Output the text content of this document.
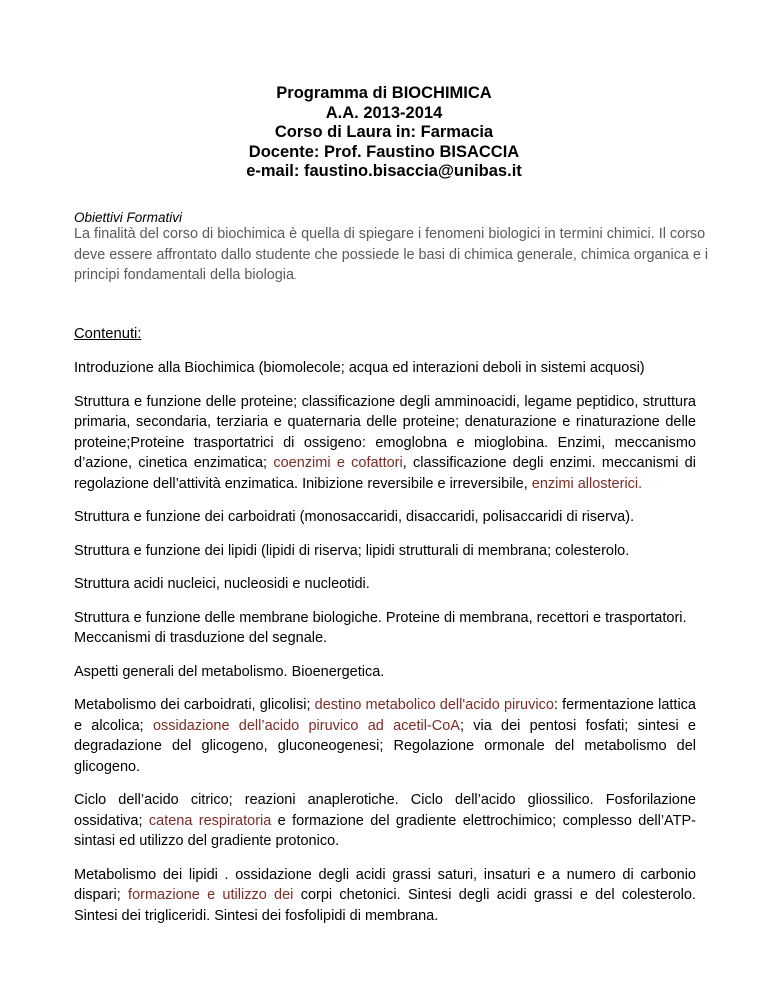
Programma di BIOCHIMICA
A.A. 2013-2014
Corso di Laura in: Farmacia
Docente: Prof. Faustino BISACCIA
e-mail: faustino.bisaccia@unibas.it
Obiettivi Formativi
La finalità del corso di biochimica è quella di spiegare i fenomeni biologici in termini chimici. Il corso deve essere affrontato dallo studente che possiede le basi di chimica generale, chimica organica e i principi fondamentali della biologia.
Contenuti:

Introduzione alla Biochimica (biomolecole; acqua ed interazioni deboli in sistemi acquosi)

Struttura e funzione delle proteine; classificazione degli amminoacidi, legame peptidico, struttura primaria, secondaria, terziaria e quaternaria delle proteine; denaturazione e rinaturazione delle proteine;Proteine trasportatrici di ossigeno: emoglobna e mioglobina. Enzimi, meccanismo d’azione, cinetica enzimatica; coenzimi e cofattori, classificazione degli enzimi. meccanismi di regolazione dell’attività enzimatica. Inibizione reversibile e irreversibile, enzimi allosterici.

Struttura e funzione dei carboidrati (monosaccaridi, disaccaridi, polisaccaridi di riserva).

Struttura e funzione dei lipidi (lipidi di riserva; lipidi strutturali di membrana; colesterolo.

Struttura acidi nucleici, nucleosidi e nucleotidi.

Struttura e funzione delle membrane biologiche. Proteine di membrana, recettori e trasportatori. Meccanismi di trasduzione del segnale.

Aspetti generali del metabolismo. Bioenergetica.

Metabolismo dei carboidrati, glicolisi; destino metabolico dell'acido piruvico: fermentazione lattica e alcolica; ossidazione dell’acido piruvico ad acetil-CoA; via dei pentosi fosfati; sintesi e degradazione del glicogeno, gluconeogenesi; Regolazione ormonale del metabolismo del glicogeno.

Ciclo dell’acido citrico; reazioni anaplerotiche. Ciclo dell’acido gliossilico. Fosforilazione ossidativa; catena respiratoria e formazione del gradiente elettrochimico; complesso dell’ATP-sintasi ed utilizzo del gradiente protonico.

Metabolismo dei lipidi . ossidazione degli acidi grassi saturi, insaturi e a numero di carbonio dispari; formazione e utilizzo dei corpi chetonici. Sintesi degli acidi grassi e del colesterolo. Sintesi dei trigliceridi. Sintesi dei fosfolipidi di membrana.
